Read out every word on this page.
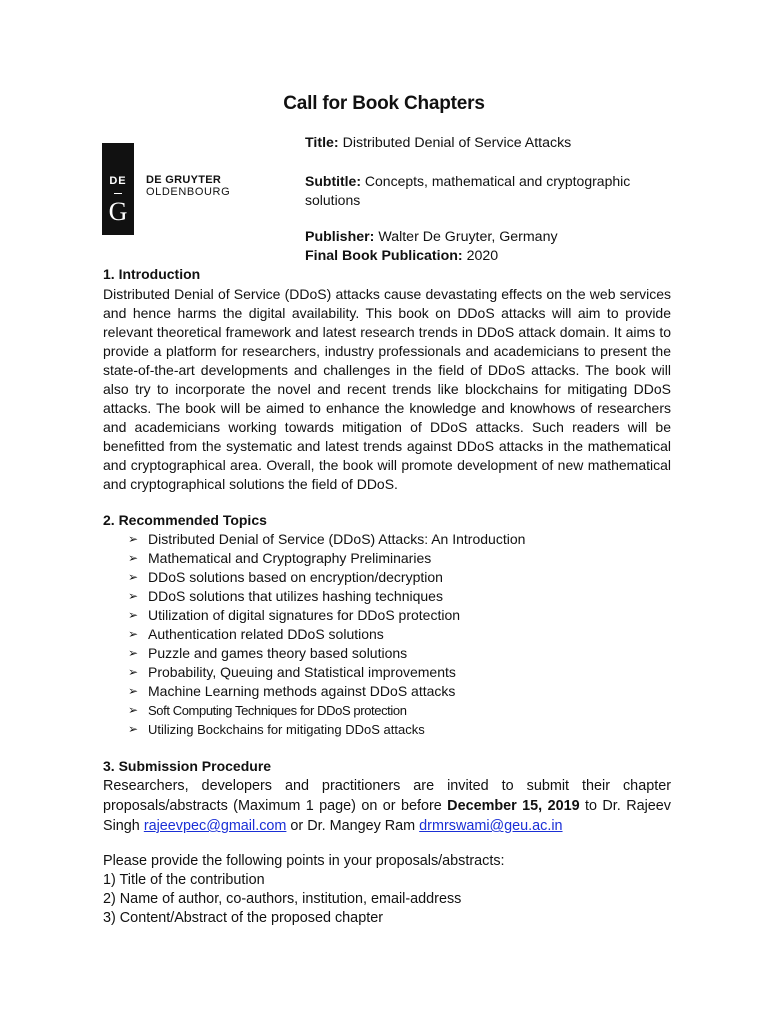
Call for Book Chapters
DE
G
DE GRUYTER
OLDENBOURG
Title: Distributed Denial of Service Attacks
Subtitle: Concepts, mathematical and cryptographic solutions
Publisher: Walter De Gruyter, Germany
Final Book Publication: 2020
1. Introduction
Distributed Denial of Service (DDoS) attacks cause devastating effects on the web services and hence harms the digital availability. This book on DDoS attacks will aim to provide relevant theoretical framework and latest research trends in DDoS attack domain. It aims to provide a platform for researchers, industry professionals and academicians to present the state-of-the-art developments and challenges in the field of DDoS attacks. The book will also try to incorporate the novel and recent trends like blockchains for mitigating DDoS attacks. The book will be aimed to enhance the knowledge and knowhows of researchers and academicians working towards mitigation of DDoS attacks. Such readers will be benefitted from the systematic and latest trends against DDoS attacks in the mathematical and cryptographical area. Overall, the book will promote development of new mathematical and cryptographical solutions the field of DDoS.
2. Recommended Topics
➢ Distributed Denial of Service (DDoS) Attacks: An Introduction
➢ Mathematical and Cryptography Preliminaries
➢ DDoS solutions based on encryption/decryption
➢ DDoS solutions that utilizes hashing techniques
➢ Utilization of digital signatures for DDoS protection
➢ Authentication related DDoS solutions
➢ Puzzle and games theory based solutions
➢ Probability, Queuing and Statistical improvements
➢ Machine Learning methods against DDoS attacks
➢ Soft Computing Techniques for DDoS protection
➢ Utilizing Bockchains for mitigating DDoS attacks
3. Submission Procedure
Researchers, developers and practitioners are invited to submit their chapter proposals/abstracts (Maximum 1 page) on or before December 15, 2019 to Dr. Rajeev Singh rajeevpec@gmail.com or Dr. Mangey Ram drmrswami@geu.ac.in
Please provide the following points in your proposals/abstracts:
1) Title of the contribution
2) Name of author, co-authors, institution, email-address
3) Content/Abstract of the proposed chapter
